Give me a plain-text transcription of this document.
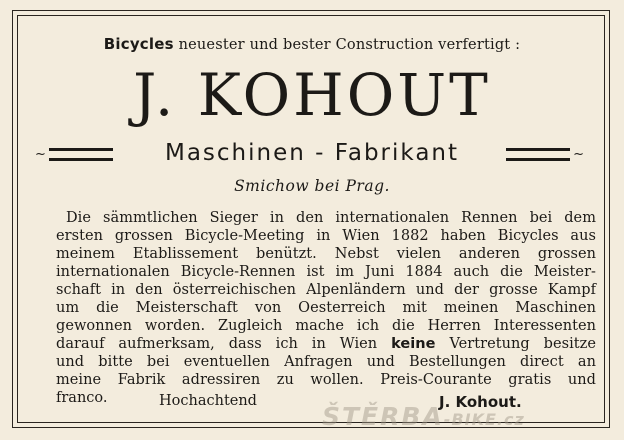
Bicycles neuester und bester Construction verfertigt :
J. KOHOUT
~	Maschinen - Fabrikant	~
Smichow bei Prag.
Die sämmtlichen Sieger in den internationalen Rennen bei dem
ersten grossen Bicycle-Meeting in Wien 1882 haben Bicycles aus
meinem Etablissement benützt. Nebst vielen anderen grossen
internationalen Bicycle-Rennen ist im Juni 1884 auch die Meister-
schaft in den österreichischen Alpenländern und der grosse Kampf
um die Meisterschaft von Oesterreich mit meinen Maschinen
gewonnen worden. Zugleich mache ich die Herren Interessenten
darauf aufmerksam, dass ich in Wien keine Vertretung besitze
und bitte bei eventuellen Anfragen und Bestellungen direct an
meine Fabrik adressiren zu wollen. Preis-Courante gratis und
franco.	Hochachtend	J. Kohout.
ŠTĚRBA-BIKE.cz
